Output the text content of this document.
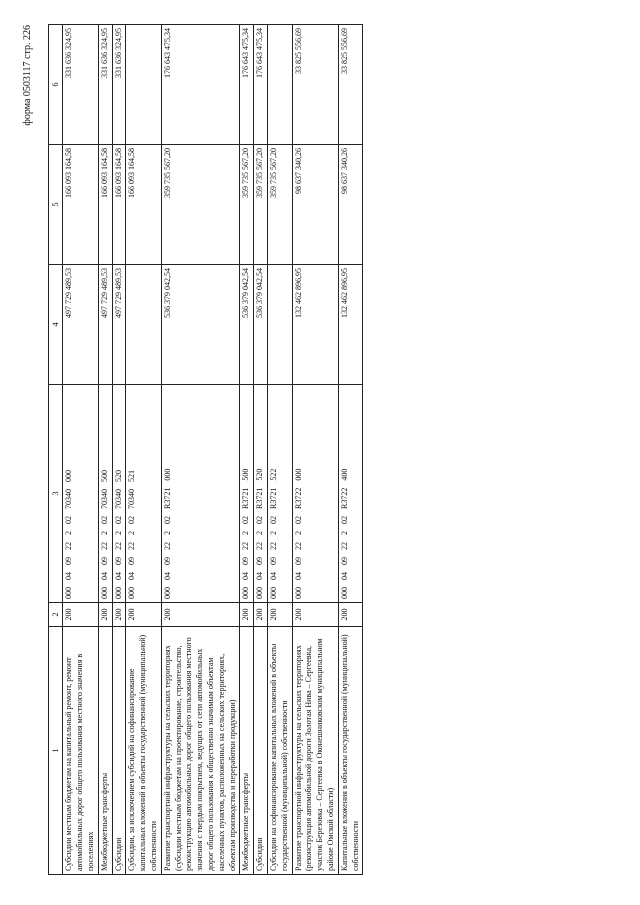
форма 0503117 стр. 226
1	2	3	4	5	6
Субсидии местным бюджетам на капитальный ремонт, ремонт автомобильных дорог общего пользования местного значения в поселениях	200	00004092220270340000	497 729 489,53	166 093 164,58	331 636 324,95
Межбюджетные трансферты	200	00004092220270340500	497 729 489,53	166 093 164,58	331 636 324,95
Субсидии	200	00004092220270340520	497 729 489,53	166 093 164,58	331 636 324,95
Субсидии, за исключением субсидий на софинансирование капитальных вложений в объекты государственной (муниципальной) собственности	200	00004092220270340521		166 093 164,58	
Развитие транспортной инфраструктуры на сельских территориях (субсидии местным бюджетам на проектирование, строительство, реконструкцию автомобильных дорог общего пользования местного значения с твердым покрытием, ведущих от сети автомобильных дорог общего пользования к общественно значимым объектам населенных пунктов, расположенных на сельских территориях, объектам производства и переработки продукции)	200	000040922202R3721000	536 379 042,54	359 735 567,20	176 643 475,34
Межбюджетные трансферты	200	000040922202R3721500	536 379 042,54	359 735 567,20	176 643 475,34
Субсидии	200	000040922202R3721520	536 379 042,54	359 735 567,20	176 643 475,34
Субсидии на софинансирование капитальных вложений в объекты государственной (муниципальной) собственности	200	000040922202R3721522		359 735 567,20	
Развитие транспортной инфраструктуры на сельских территориях (реконструкция автомобильной дороги Золотая Нива – Сергеевка, участок Березовка – Сергеевка в Оконешниковском муниципальном районе Омской области)	200	000040922202R3722000	132 462 896,95	98 637 340,26	33 825 556,69
Капитальные вложения в объекты государственной (муниципальной) собственности	200	000040922202R3722400	132 462 896,95	98 637 340,26	33 825 556,69
